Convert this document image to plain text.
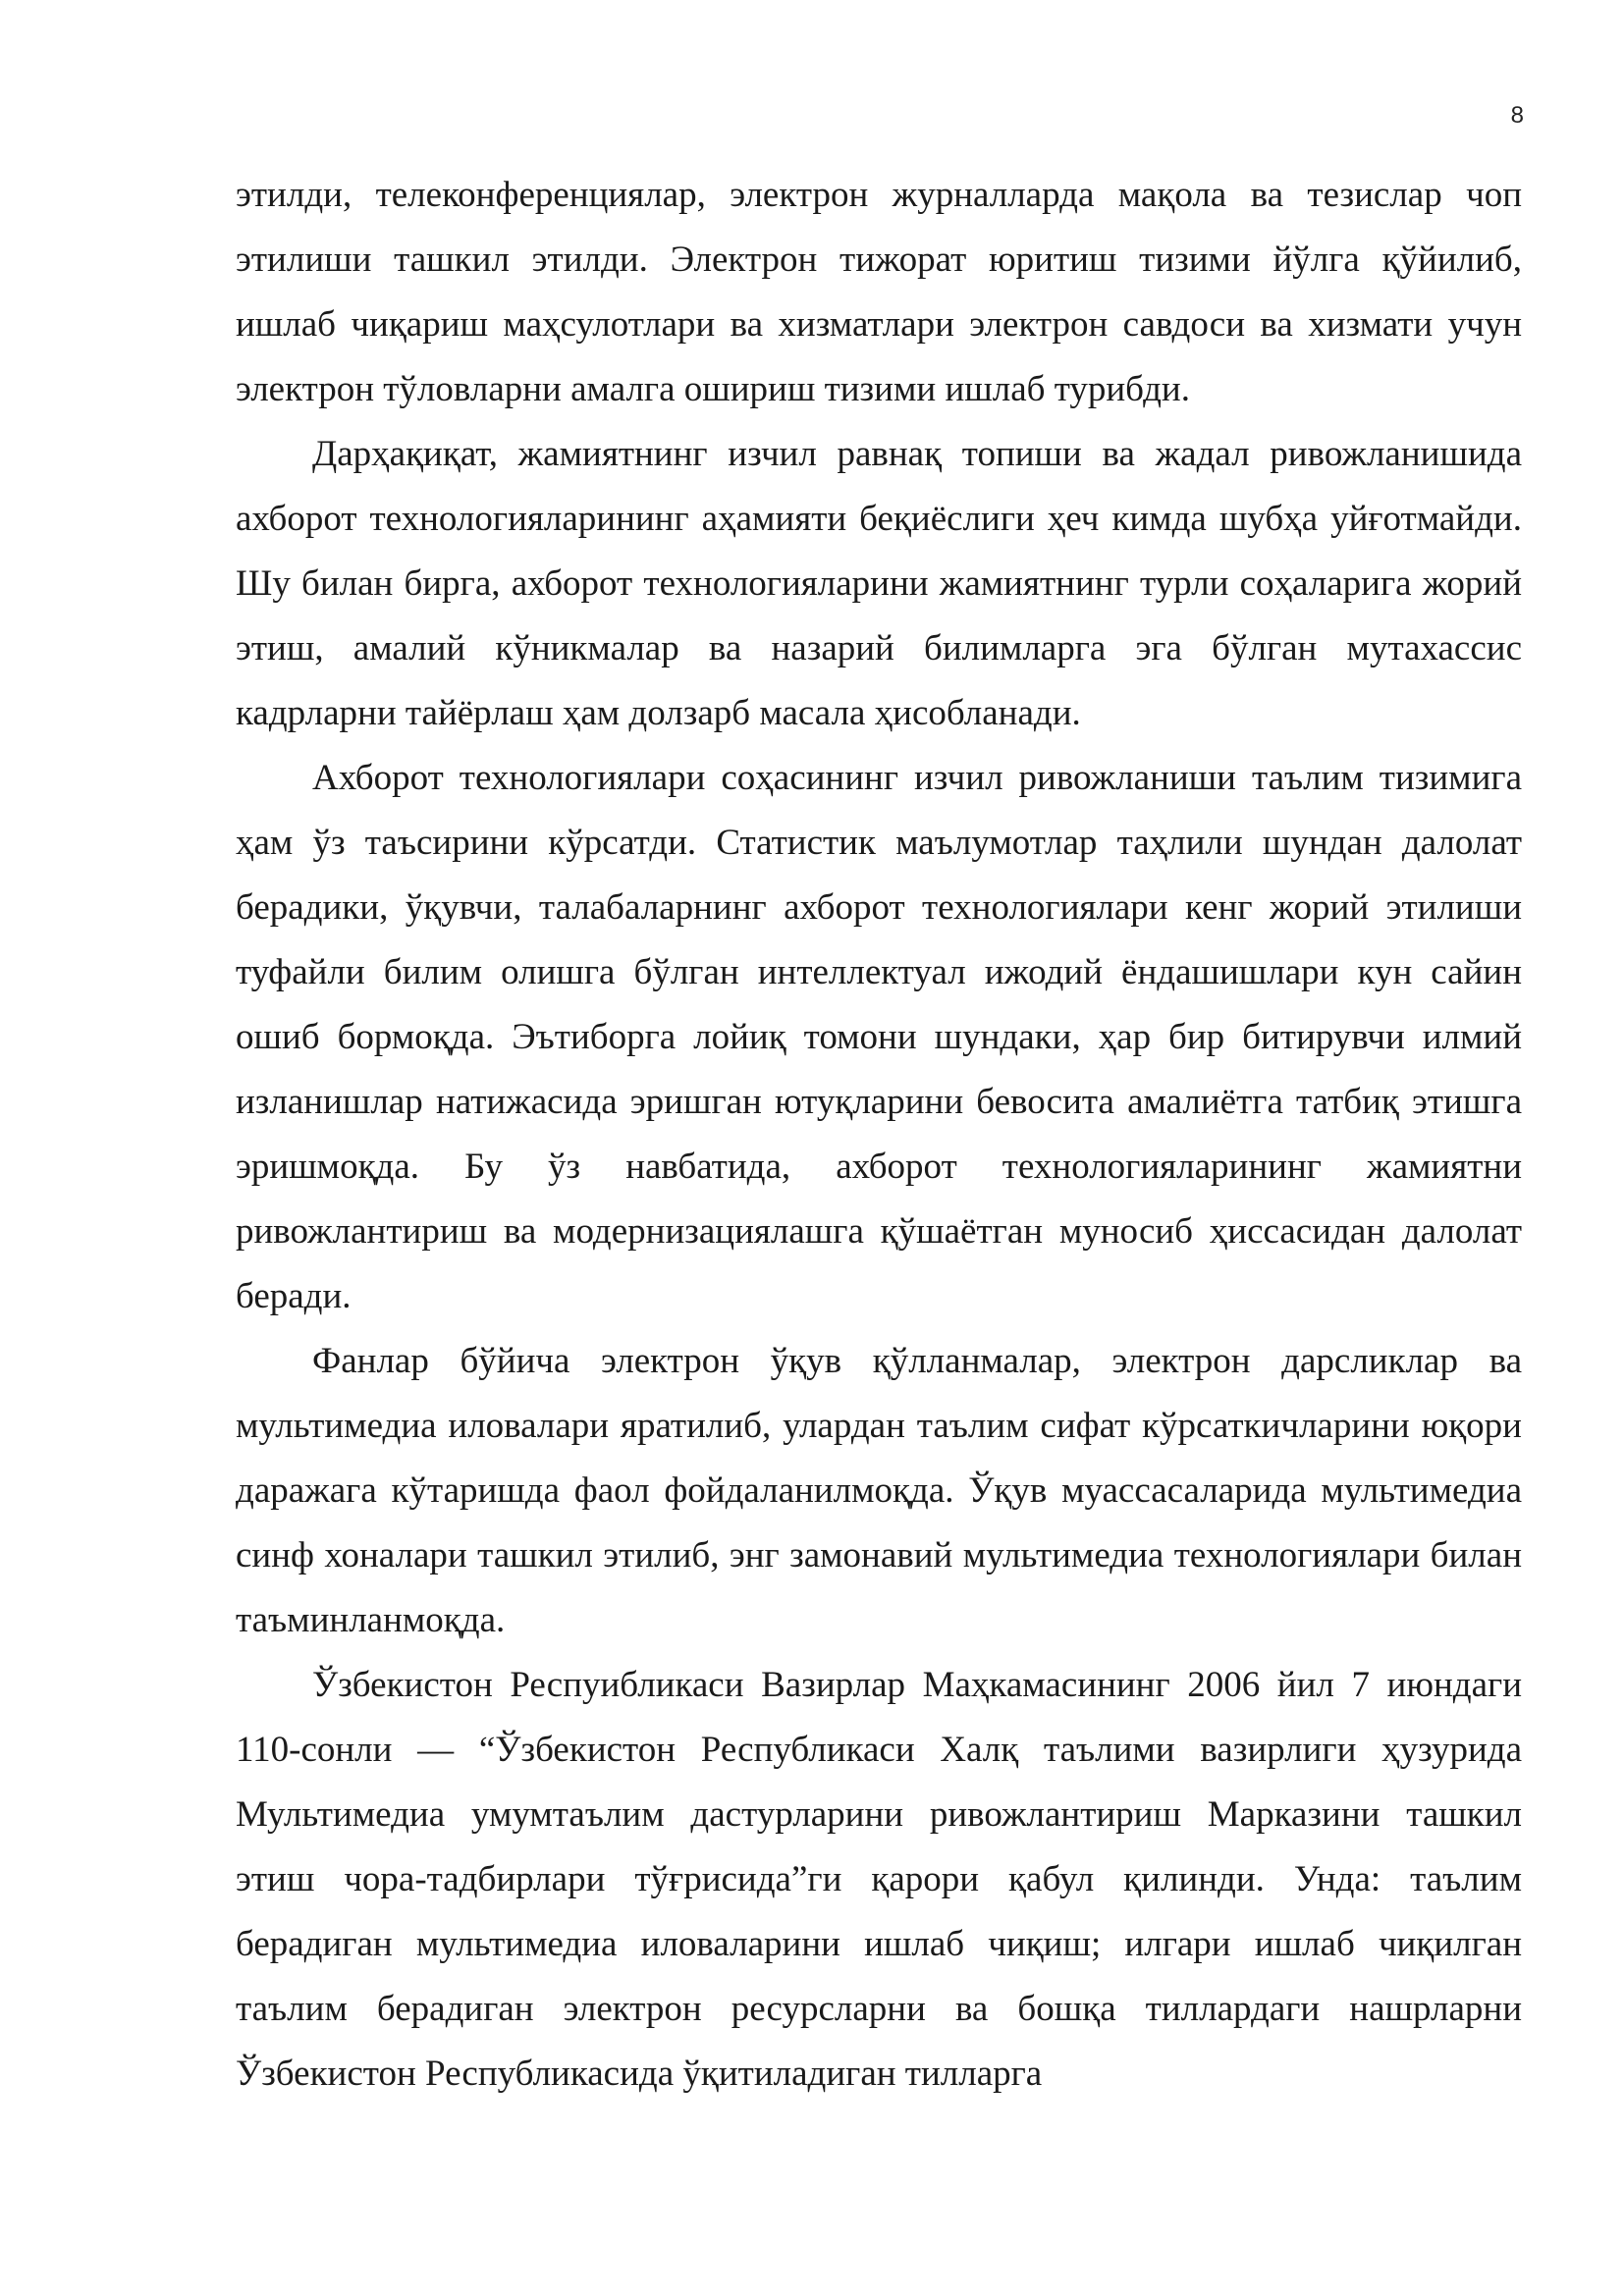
8

этилди, телеконференциялар, электрон журналларда мақола ва тезислар чоп этилиши ташкил этилди. Электрон тижорат юритиш тизими йўлга қўйилиб, ишлаб чиқариш маҳсулотлари ва хизматлари электрон савдоси ва хизмати учун электрон тўловларни амалга ошириш тизими ишлаб турибди.

Дарҳақиқат, жамиятнинг изчил равнақ топиши ва жадал ривожланишида ахборот технологияларининг аҳамияти беқиёслиги ҳеч кимда шубҳа уйғотмайди. Шу билан бирга, ахборот технологияларини жамиятнинг турли соҳаларига жорий этиш, амалий кўникмалар ва назарий билимларга эга бўлган мутахассис кадрларни тайёрлаш ҳам долзарб масала ҳисобланади.

Ахборот технологиялари соҳасининг изчил ривожланиши таълим тизимига ҳам ўз таъсирини кўрсатди. Статистик маълумотлар таҳлили шундан далолат берадики, ўқувчи, талабаларнинг ахборот технологиялари кенг жорий этилиши туфайли билим олишга бўлган интеллектуал ижодий ёндашишлари кун сайин ошиб бормоқда. Эътиборга лойиқ томони шундаки, ҳар бир битирувчи илмий изланишлар натижасида эришган ютуқларини бевосита амалиётга татбиқ этишга эришмоқда. Бу ўз навбатида, ахборот технологияларининг жамиятни ривожлантириш ва модернизациялашга қўшаётган муносиб ҳиссасидан далолат беради.

Фанлар бўйича электрон ўқув қўлланмалар, электрон дарсликлар ва мультимедиа иловалари яратилиб, улардан таълим сифат кўрсаткичларини юқори даражага кўтаришда фаол фойдаланилмоқда. Ўқув муассасаларида мультимедиа синф хоналари ташкил этилиб, энг замонавий мультимедиа технологиялари билан таъминланмоқда.

Ўзбекистон Респуибликаси Вазирлар Маҳкамасининг 2006 йил 7 июндаги 110-сонли — “Ўзбекистон Республикаси Халқ таълими вазирлиги ҳузурида Мультимедиа умумтаълим дастурларини ривожлантириш Марказини ташкил этиш чора-тадбирлари тўғрисида”ги қарори қабул қилинди. Унда: таълим берадиган мультимедиа иловаларини ишлаб чиқиш; илгари ишлаб чиқилган таълим берадиган электрон ресурсларни ва бошқа тиллардаги нашрларни Ўзбекистон Республикасида ўқитиладиган тилларга
